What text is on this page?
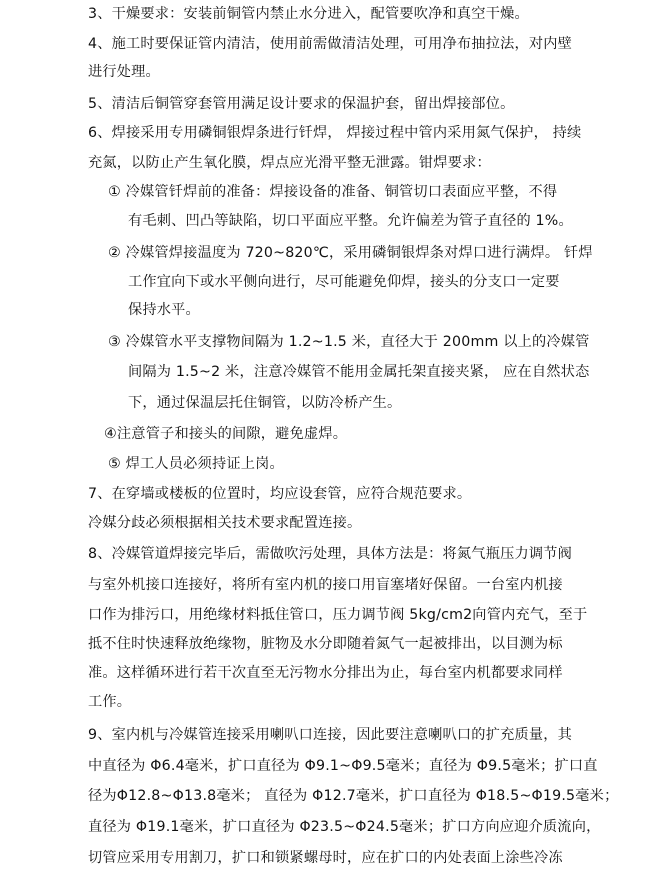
3、干燥要求：安装前铜管内禁止水分进入，配管要吹净和真空干燥。
4、施工时要保证管内清洁，使用前需做清洁处理，可用净布抽拉法，对内壁
进行处理。
5、清洁后铜管穿套管用满足设计要求的保温护套，留出焊接部位。
6、焊接采用专用磷铜银焊条进行钎焊， 焊接过程中管内采用氮气保护， 持续
充氮，以防止产生氧化膜，焊点应光滑平整无泄露。钳焊要求：
① 冷媒管钎焊前的准备：焊接设备的准备、铜管切口表面应平整，不得
有毛刺、凹凸等缺陷，切口平面应平整。允许偏差为管子直径的 1%。
② 冷媒管焊接温度为 720~820℃，采用磷铜银焊条对焊口进行满焊。 钎焊
工作宜向下或水平侧向进行，尽可能避免仰焊，接头的分支口一定要
保持水平。
③ 冷媒管水平支撑物间隔为 1.2~1.5 米，直径大于 200mm 以上的冷媒管
间隔为 1.5~2 米，注意冷媒管不能用金属托架直接夹紧， 应在自然状态
下，通过保温层托住铜管，以防冷桥产生。
④注意管子和接头的间隙，避免虚焊。
⑤ 焊工人员必须持证上岗。
7、在穿墙或楼板的位置时，均应设套管，应符合规范要求。
冷媒分歧必须根据相关技术要求配置连接。
8、冷媒管道焊接完毕后，需做吹污处理，具体方法是：将氮气瓶压力调节阀
与室外机接口连接好，将所有室内机的接口用盲塞堵好保留。一台室内机接
口作为排污口，用绝缘材料抵住管口，压力调节阀 5kg/cm2向管内充气，至于
抵不住时快速释放绝缘物，脏物及水分即随着氮气一起被排出，以目测为标
准。这样循环进行若干次直至无污物水分排出为止，每台室内机都要求同样
工作。
9、室内机与冷媒管连接采用喇叭口连接，因此要注意喇叭口的扩充质量，其
中直径为 Φ6.4毫米，扩口直径为 Φ9.1~Φ9.5毫米；直径为 Φ9.5毫米；扩口直
径为Φ12.8~Φ13.8毫米； 直径为 Φ12.7毫米，扩口直径为 Φ18.5~Φ19.5毫米；
直径为 Φ19.1毫米，扩口直径为 Φ23.5~Φ24.5毫米；扩口方向应迎介质流向，
切管应采用专用割刀，扩口和锁紧螺母时，应在扩口的内处表面上涂些冷冻
